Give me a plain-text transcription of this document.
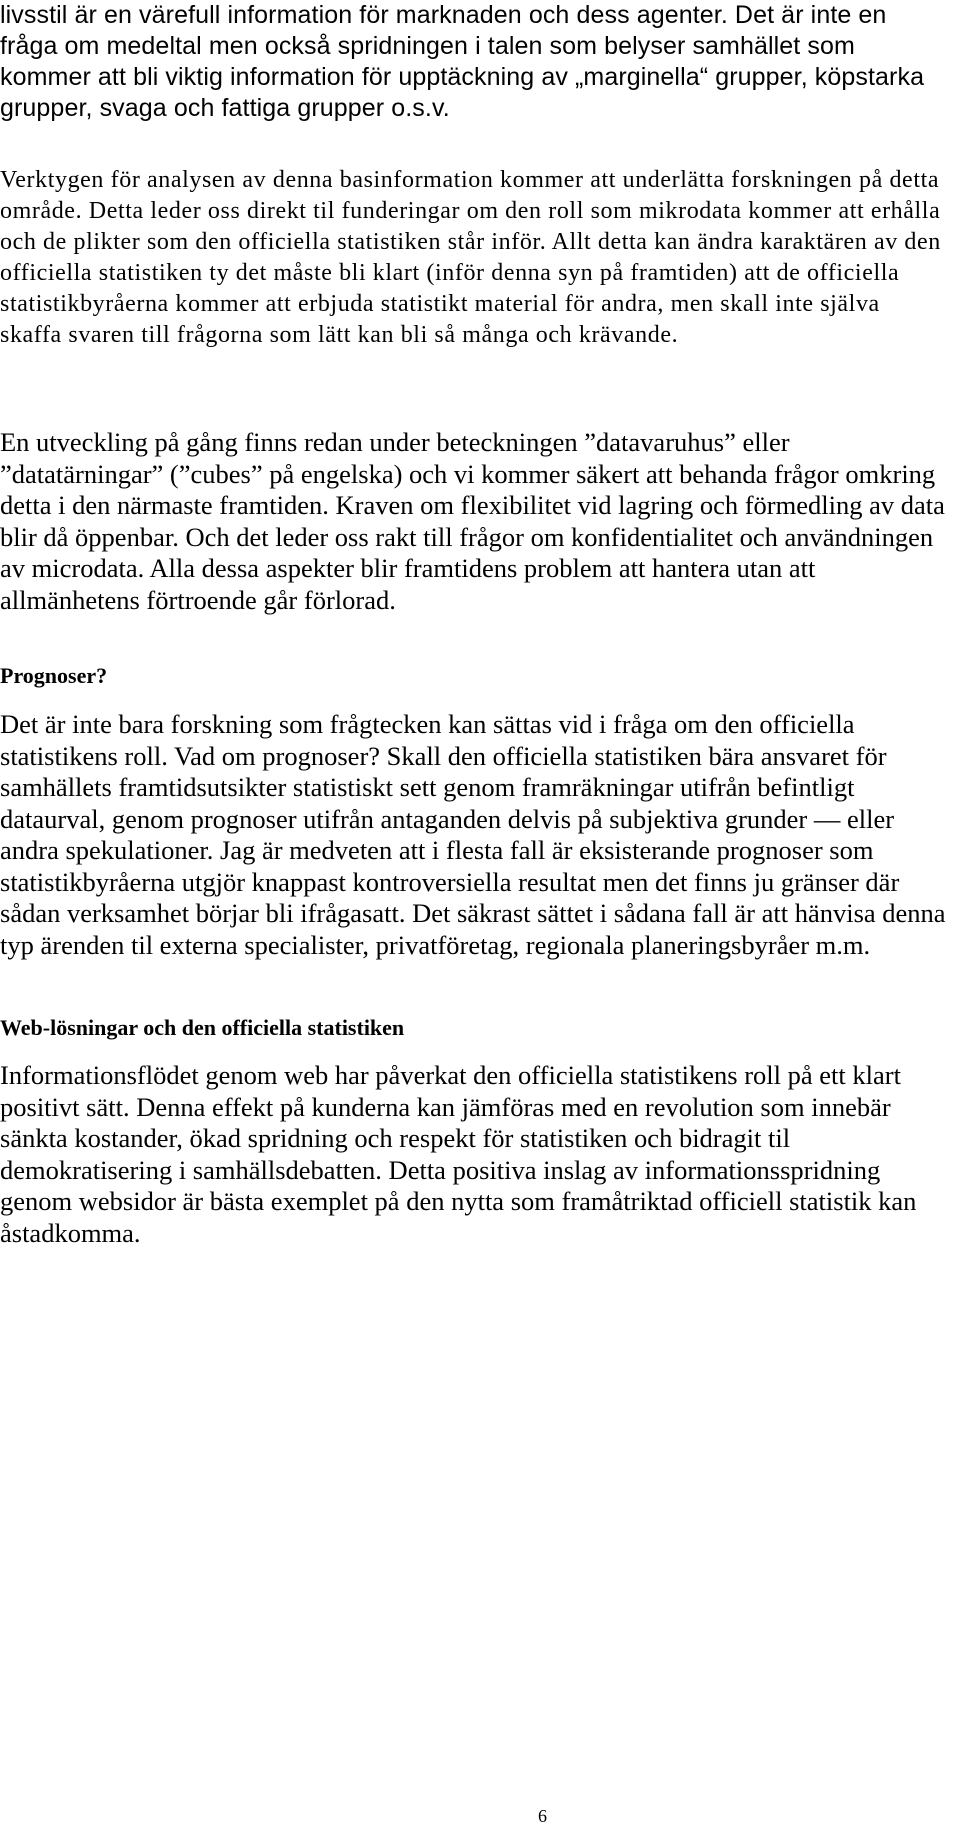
livsstil är en värefull information för marknaden och dess agenter. Det är inte en fråga om medeltal men också spridningen i talen som belyser samhället som kommer att bli viktig information för upptäckning av „marginella“ grupper, köpstarka grupper, svaga och fattiga grupper o.s.v.

Verktygen för analysen av denna basinformation kommer att underlätta forskningen på detta område. Detta leder oss direkt til funderingar om den roll som mikrodata kommer att erhålla och de plikter som den officiella statistiken står inför. Allt detta kan ändra karaktären av den officiella statistiken ty det måste bli klart (inför denna syn på framtiden) att de officiella statistikbyråerna kommer att erbjuda statistikt material för andra, men skall inte själva skaffa svaren till frågorna som lätt kan bli så många och krävande.

En utveckling på gång finns redan under beteckningen ”datavaruhus” eller ”datatärningar” (”cubes” på engelska) och vi kommer säkert att behanda frågor omkring detta i den närmaste framtiden. Kraven om flexibilitet vid lagring och förmedling av data blir då öppenbar. Och det leder oss rakt till frågor om konfidentialitet och användningen av microdata. Alla dessa aspekter blir framtidens problem att hantera utan att allmänhetens förtroende går förlorad.

Prognoser?

Det är inte bara forskning som frågtecken kan sättas vid i fråga om den officiella statistikens roll. Vad om prognoser? Skall den officiella statistiken bära ansvaret för samhällets framtidsutsikter statistiskt sett genom framräkningar utifrån befintligt dataurval, genom prognoser utifrån antaganden delvis på subjektiva grunder — eller andra spekulationer. Jag är medveten att i flesta fall är eksisterande prognoser som statistikbyråerna utgjör knappast kontroversiella resultat men det finns ju gränser där sådan verksamhet börjar bli ifrågasatt. Det säkrast sättet i sådana fall är att hänvisa denna typ ärenden til externa specialister, privatföretag, regionala planeringsbyråer m.m.

Web-lösningar och den officiella statistiken

Informationsflödet genom web har påverkat den officiella statistikens roll på ett klart positivt sätt. Denna effekt på kunderna kan jämföras med en revolution som innebär sänkta kostander, ökad spridning och respekt för statistiken och bidragit til demokratisering i samhällsdebatten. Detta positiva inslag av informationsspridning genom websidor är bästa exemplet på den nytta som framåtriktad officiell statistik kan åstadkomma.

6
